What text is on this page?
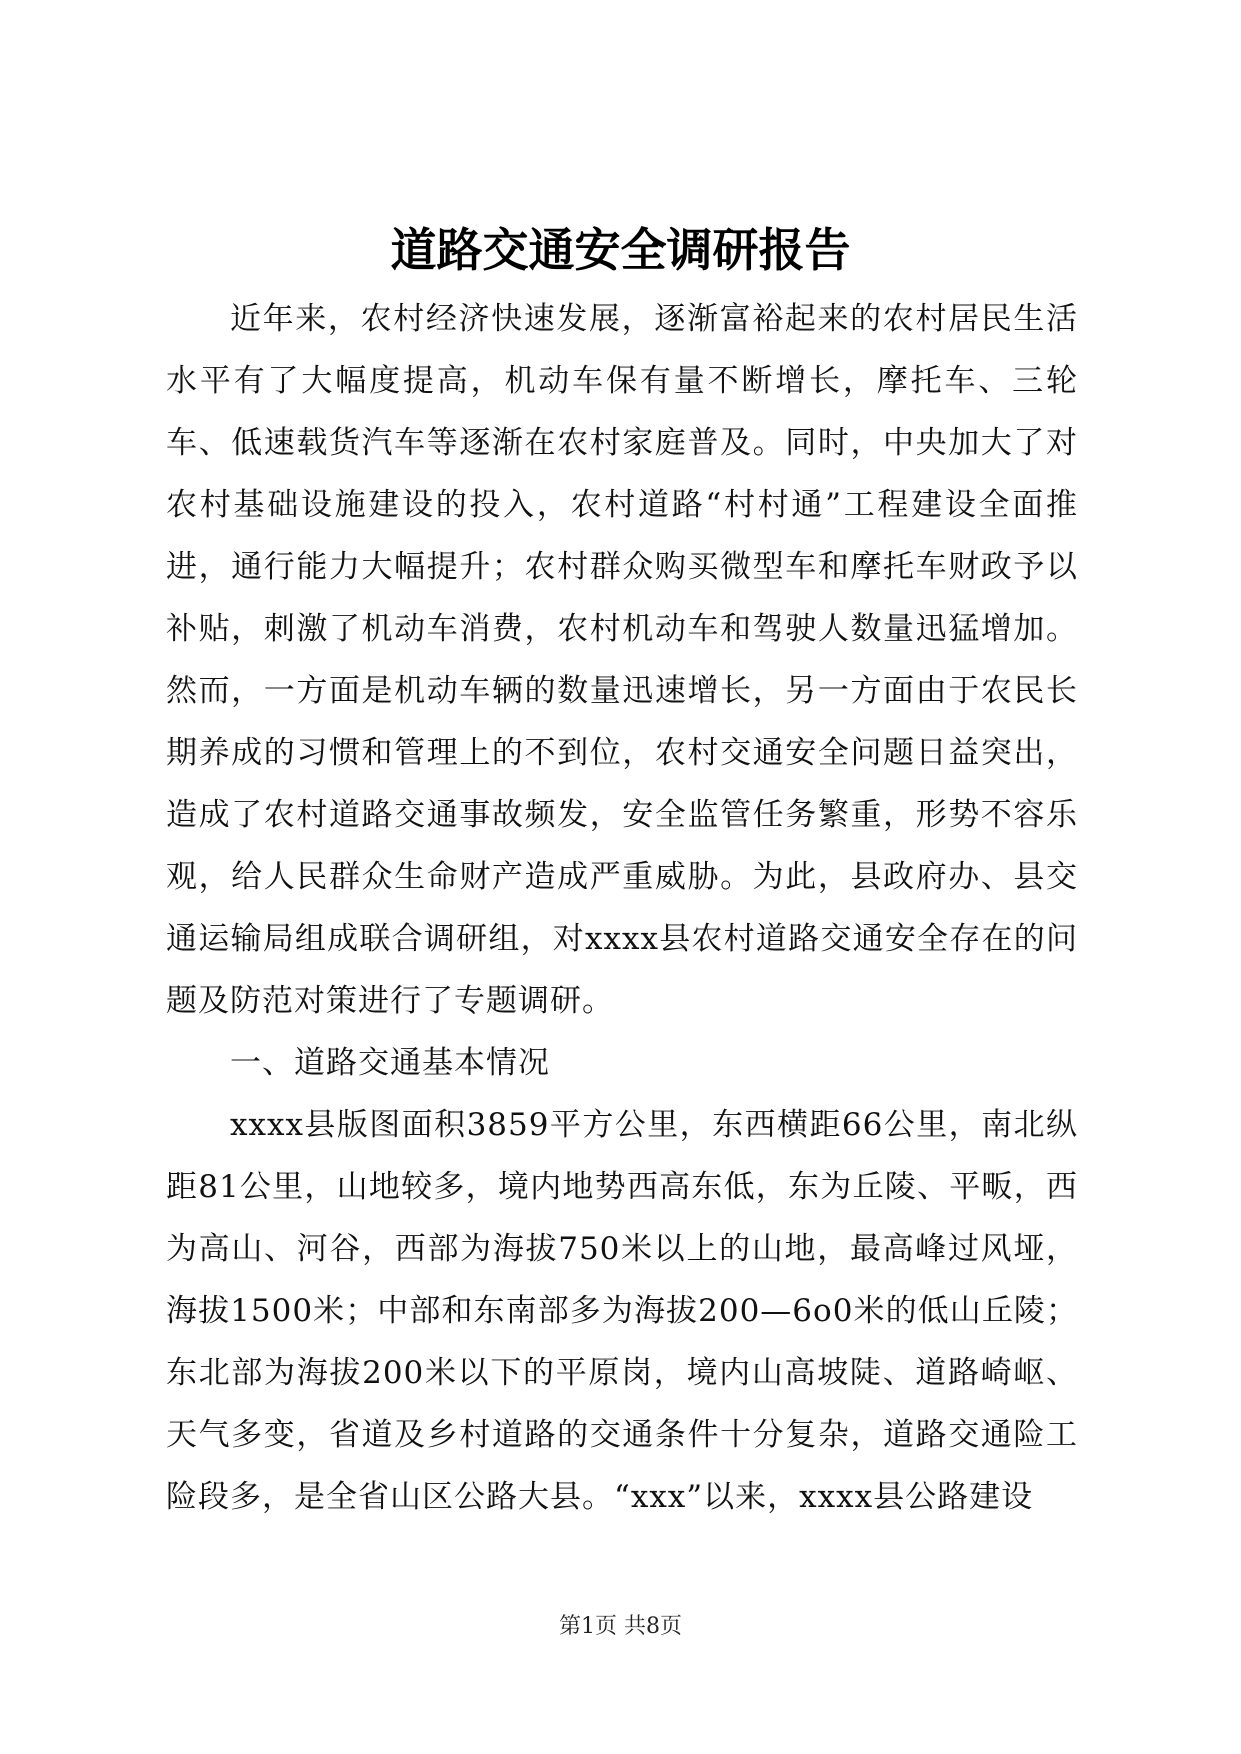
道路交通安全调研报告

近年来，农村经济快速发展，逐渐富裕起来的农村居民生活水平有了大幅度提高，机动车保有量不断增长，摩托车、三轮车、低速载货汽车等逐渐在农村家庭普及。同时，中央加大了对农村基础设施建设的投入，农村道路“村村通”工程建设全面推进，通行能力大幅提升；农村群众购买微型车和摩托车财政予以补贴，刺激了机动车消费，农村机动车和驾驶人数量迅猛增加。然而，一方面是机动车辆的数量迅速增长，另一方面由于农民长期养成的习惯和管理上的不到位，农村交通安全问题日益突出，造成了农村道路交通事故频发，安全监管任务繁重，形势不容乐观，给人民群众生命财产造成严重威胁。为此，县政府办、县交通运输局组成联合调研组，对xxxx县农村道路交通安全存在的问题及防范对策进行了专题调研。

一、道路交通基本情况

xxxx县版图面积3859平方公里，东西横距66公里，南北纵距81公里，山地较多，境内地势西高东低，东为丘陵、平畈，西为高山、河谷，西部为海拔750米以上的山地，最高峰过风垭，海拔1500米；中部和东南部多为海拔200—6o0米的低山丘陵；东北部为海拔200米以下的平原岗，境内山高坡陡、道路崎岖、天气多变，省道及乡村道路的交通条件十分复杂，道路交通险工险段多，是全省山区公路大县。“xxx”以来，xxxx县公路建设

第1页 共8页
